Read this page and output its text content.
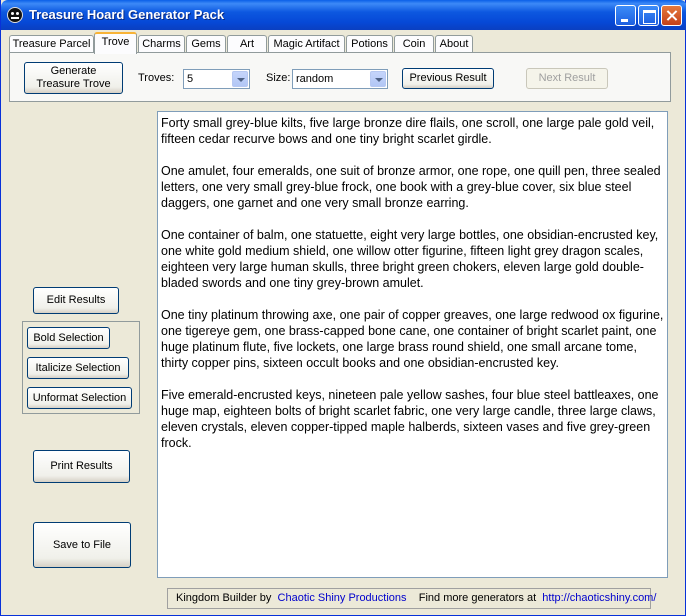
Treasure Hoard Generator Pack
Treasure Parcel	Trove	Charms Gems	Art	Magic Artifact	Potions	Coin	About
Generate
Treasure Trove Troves:	5	Size: random	Previous Result	Next Result
Edit Results
Bold Selection
Italicize Selection
Unformat Selection
Print Results
Save to File

Forty small grey-blue kilts, five large bronze dire flails, one scroll, one large pale gold veil, fifteen cedar recurve bows and one tiny bright scarlet girdle.

One amulet, four emeralds, one suit of bronze armor, one rope, one quill pen, three sealed letters, one very small grey-blue frock, one book with a grey-blue cover, six blue steel daggers, one garnet and one very small bronze earring.

One container of balm, one statuette, eight very large bottles, one obsidian-encrusted key, one white gold medium shield, one willow otter figurine, fifteen light grey dragon scales, eighteen very large human skulls, three bright green chokers, eleven large gold double-bladed swords and one tiny grey-brown amulet.

One tiny platinum throwing axe, one pair of copper greaves, one large redwood ox figurine, one tigereye gem, one brass-capped bone cane, one container of bright scarlet paint, one huge platinum flute, five lockets, one large brass round shield, one small arcane tome, thirty copper pins, sixteen occult books and one obsidian-encrusted key.

Five emerald-encrusted keys, nineteen pale yellow sashes, four blue steel battleaxes, one huge map, eighteen bolts of bright scarlet fabric, one very large candle, three large claws, eleven crystals, eleven copper-tipped maple halberds, sixteen vases and five grey-green frock.

Kingdom Builder by Chaotic Shiny Productions Find more generators at http://chaoticshiny.com/
